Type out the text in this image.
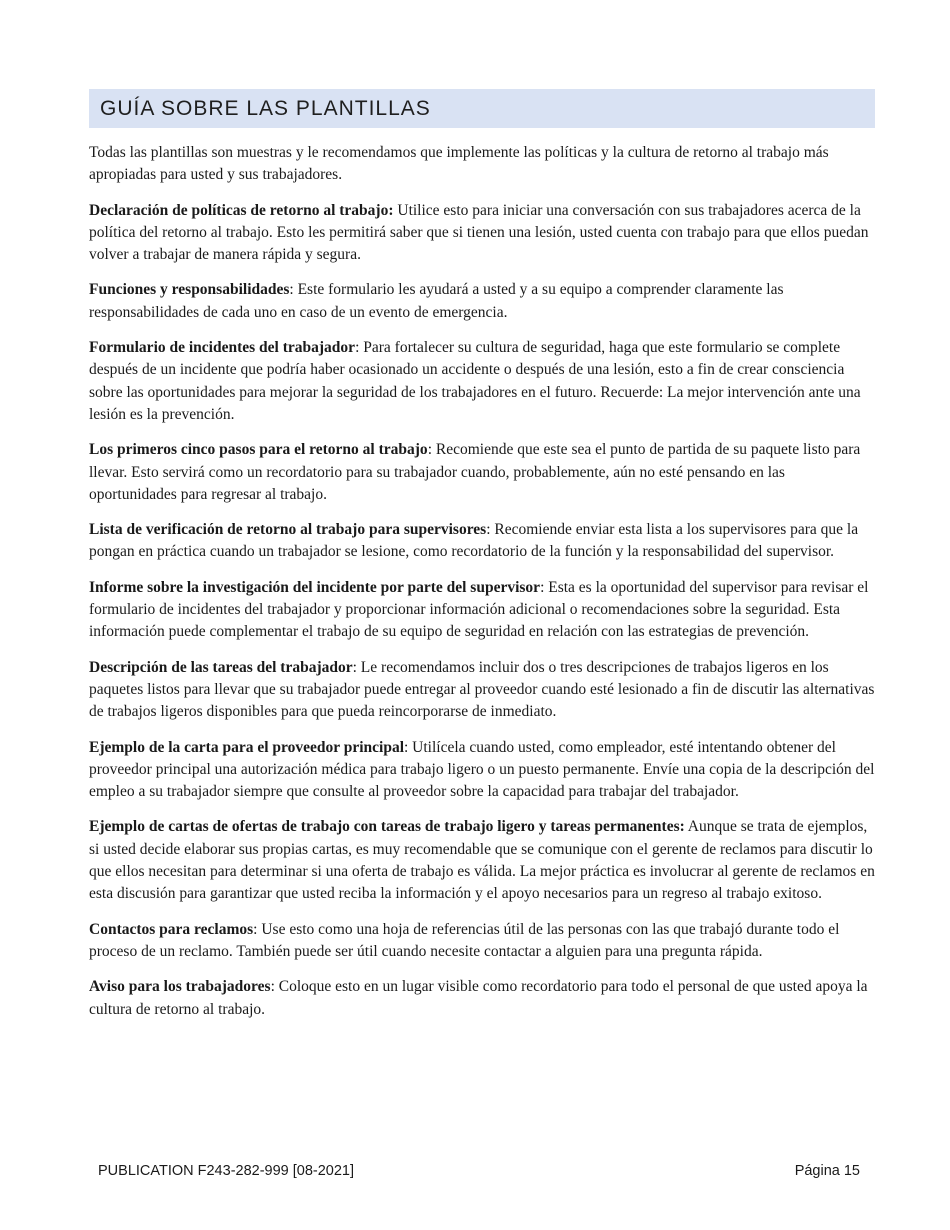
GUÍA SOBRE LAS PLANTILLAS

Todas las plantillas son muestras y le recomendamos que implemente las políticas y la cultura de retorno al trabajo más apropiadas para usted y sus trabajadores.

Declaración de políticas de retorno al trabajo: Utilice esto para iniciar una conversación con sus trabajadores acerca de la política del retorno al trabajo. Esto les permitirá saber que si tienen una lesión, usted cuenta con trabajo para que ellos puedan volver a trabajar de manera rápida y segura.

Funciones y responsabilidades: Este formulario les ayudará a usted y a su equipo a comprender claramente las responsabilidades de cada uno en caso de un evento de emergencia.

Formulario de incidentes del trabajador: Para fortalecer su cultura de seguridad, haga que este formulario se complete después de un incidente que podría haber ocasionado un accidente o después de una lesión, esto a fin de crear consciencia sobre las oportunidades para mejorar la seguridad de los trabajadores en el futuro. Recuerde: La mejor intervención ante una lesión es la prevención.

Los primeros cinco pasos para el retorno al trabajo: Recomiende que este sea el punto de partida de su paquete listo para llevar. Esto servirá como un recordatorio para su trabajador cuando, probablemente, aún no esté pensando en las oportunidades para regresar al trabajo.

Lista de verificación de retorno al trabajo para supervisores: Recomiende enviar esta lista a los supervisores para que la pongan en práctica cuando un trabajador se lesione, como recordatorio de la función y la responsabilidad del supervisor.

Informe sobre la investigación del incidente por parte del supervisor: Esta es la oportunidad del supervisor para revisar el formulario de incidentes del trabajador y proporcionar información adicional o recomendaciones sobre la seguridad. Esta información puede complementar el trabajo de su equipo de seguridad en relación con las estrategias de prevención.

Descripción de las tareas del trabajador: Le recomendamos incluir dos o tres descripciones de trabajos ligeros en los paquetes listos para llevar que su trabajador puede entregar al proveedor cuando esté lesionado a fin de discutir las alternativas de trabajos ligeros disponibles para que pueda reincorporarse de inmediato.

Ejemplo de la carta para el proveedor principal: Utilícela cuando usted, como empleador, esté intentando obtener del proveedor principal una autorización médica para trabajo ligero o un puesto permanente. Envíe una copia de la descripción del empleo a su trabajador siempre que consulte al proveedor sobre la capacidad para trabajar del trabajador.

Ejemplo de cartas de ofertas de trabajo con tareas de trabajo ligero y tareas permanentes: Aunque se trata de ejemplos, si usted decide elaborar sus propias cartas, es muy recomendable que se comunique con el gerente de reclamos para discutir lo que ellos necesitan para determinar si una oferta de trabajo es válida. La mejor práctica es involucrar al gerente de reclamos en esta discusión para garantizar que usted reciba la información y el apoyo necesarios para un regreso al trabajo exitoso.

Contactos para reclamos: Use esto como una hoja de referencias útil de las personas con las que trabajó durante todo el proceso de un reclamo. También puede ser útil cuando necesite contactar a alguien para una pregunta rápida.

Aviso para los trabajadores: Coloque esto en un lugar visible como recordatorio para todo el personal de que usted apoya la cultura de retorno al trabajo.

PUBLICATION F243-282-999 [08-2021]	Página 15
